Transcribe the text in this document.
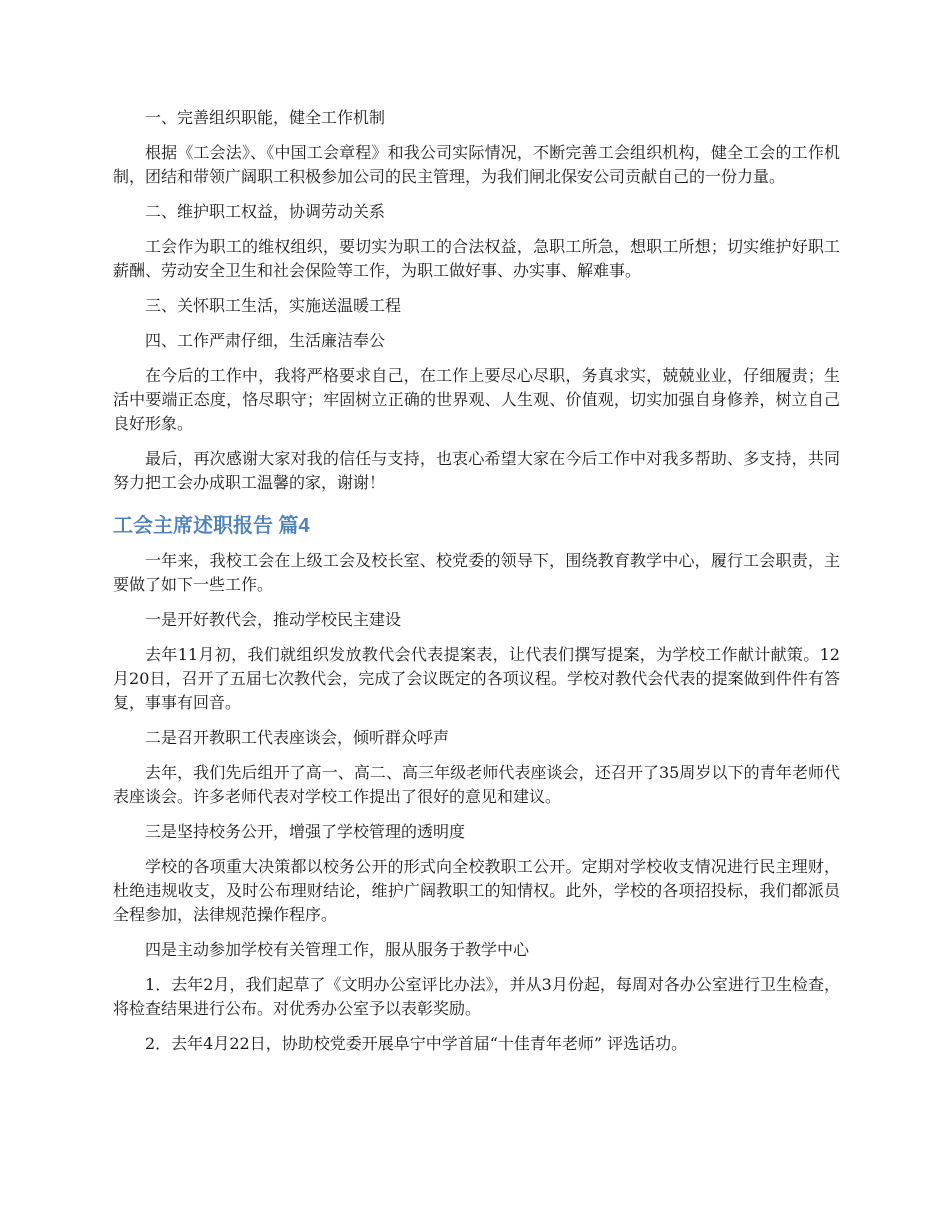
一、完善组织职能，健全工作机制

根据《工会法》、《中国工会章程》和我公司实际情况，不断完善工会组织机构，健全工会的工作机制，团结和带领广阔职工积极参加公司的民主管理，为我们闸北保安公司贡献自己的一份力量。

二、维护职工权益，协调劳动关系

工会作为职工的维权组织，要切实为职工的合法权益，急职工所急，想职工所想；切实维护好职工薪酬、劳动安全卫生和社会保险等工作，为职工做好事、办实事、解难事。

三、关怀职工生活，实施送温暖工程

四、工作严肃仔细，生活廉洁奉公

在今后的工作中，我将严格要求自己，在工作上要尽心尽职，务真求实，兢兢业业，仔细履责；生活中要端正态度，恪尽职守；牢固树立正确的世界观、人生观、价值观，切实加强自身修养，树立自己良好形象。

最后，再次感谢大家对我的信任与支持，也衷心希望大家在今后工作中对我多帮助、多支持，共同努力把工会办成职工温馨的家，谢谢！

工会主席述职报告 篇4

一年来，我校工会在上级工会及校长室、校党委的领导下，围绕教育教学中心，履行工会职责，主要做了如下一些工作。

一是开好教代会，推动学校民主建设

去年11月初，我们就组织发放教代会代表提案表，让代表们撰写提案，为学校工作献计献策。12月20日，召开了五届七次教代会，完成了会议既定的各项议程。学校对教代会代表的提案做到件件有答复，事事有回音。

二是召开教职工代表座谈会，倾听群众呼声

去年，我们先后组开了高一、高二、高三年级老师代表座谈会，还召开了35周岁以下的青年老师代表座谈会。许多老师代表对学校工作提出了很好的意见和建议。

三是坚持校务公开，增强了学校管理的透明度

学校的各项重大决策都以校务公开的形式向全校教职工公开。定期对学校收支情况进行民主理财，杜绝违规收支，及时公布理财结论，维护广阔教职工的知情权。此外，学校的各项招投标，我们都派员全程参加，法律规范操作程序。

四是主动参加学校有关管理工作，服从服务于教学中心

1．去年2月，我们起草了《文明办公室评比办法》，并从3月份起，每周对各办公室进行卫生检查，将检查结果进行公布。对优秀办公室予以表彰奖励。

2．去年4月22日，协助校党委开展阜宁中学首届“十佳青年老师” 评选话功。
